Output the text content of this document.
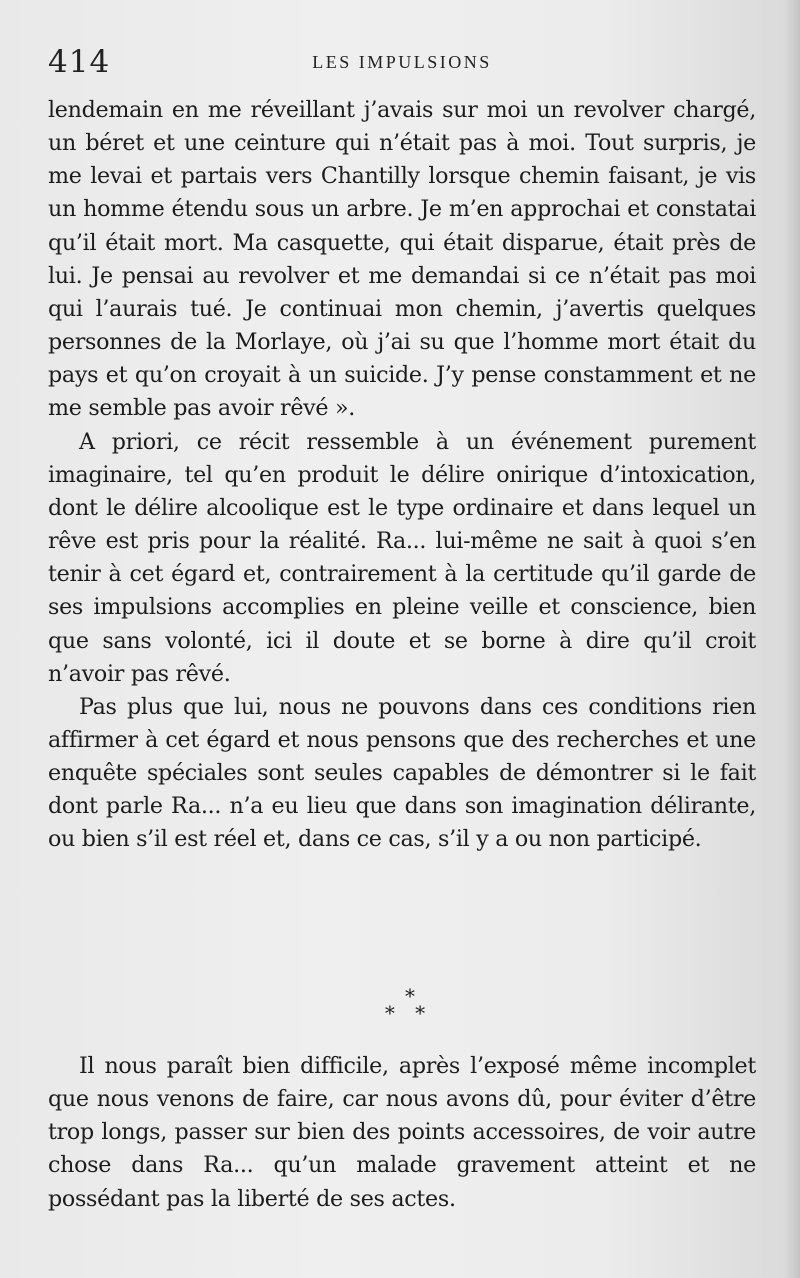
414	LES IMPULSIONS

lendemain en me réveillant j’avais sur moi un revolver chargé, un béret et une ceinture qui n’était pas à moi. Tout surpris, je me levai et partais vers Chantilly lorsque chemin faisant, je vis un homme étendu sous un arbre. Je m’en approchai et constatai qu’il était mort. Ma casquette, qui était disparue, était près de lui. Je pensai au revolver et me demandai si ce n’était pas moi qui l’aurais tué. Je continuai mon chemin, j’avertis quelques personnes de la Morlaye, où j’ai su que l’homme mort était du pays et qu’on croyait à un suicide. J’y pense constamment et ne me semble pas avoir rêvé ».

A priori, ce récit ressemble à un événement purement imaginaire, tel qu’en produit le délire onirique d’intoxication, dont le délire alcoolique est le type ordinaire et dans lequel un rêve est pris pour la réalité. Ra... lui-même ne sait à quoi s’en tenir à cet égard et, contrairement à la certitude qu’il garde de ses impulsions accomplies en pleine veille et conscience, bien que sans volonté, ici il doute et se borne à dire qu’il croit n’avoir pas rêvé.

Pas plus que lui, nous ne pouvons dans ces conditions rien affirmer à cet égard et nous pensons que des recherches et une enquête spéciales sont seules capables de démontrer si le fait dont parle Ra... n’a eu lieu que dans son imagination délirante, ou bien s’il est réel et, dans ce cas, s’il y a ou non participé.

*
* *

Il nous paraît bien difficile, après l’exposé même incomplet que nous venons de faire, car nous avons dû, pour éviter d’être trop longs, passer sur bien des points accessoires, de voir autre chose dans Ra... qu’un malade gravement atteint et ne possédant pas la liberté de ses actes.
